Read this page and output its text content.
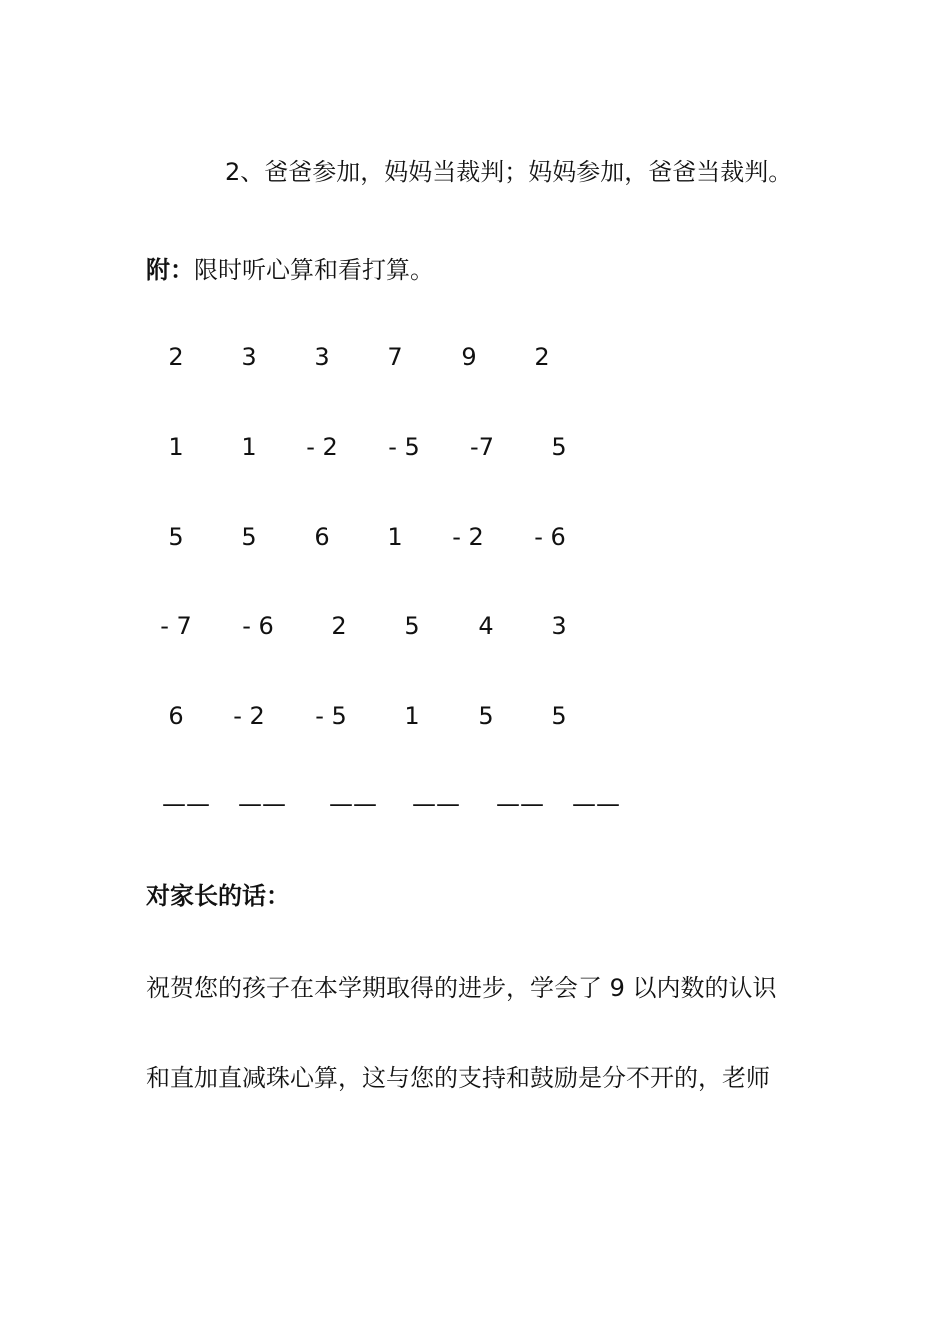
2、爸爸参加，妈妈当裁判；妈妈参加，爸爸当裁判。
附：限时听心算和看打算。
2	3	3	7	9	2
1	1	- 2	- 5	-7	5
5	5	6	1	- 2	- 6
- 7	- 6	2	5	4	3
6	- 2	- 5	1	5	5
——	——	——	——	——	——
对家长的话：
祝贺您的孩子在本学期取得的进步，学会了 9 以内数的认识
和直加直减珠心算，这与您的支持和鼓励是分不开的，老师
